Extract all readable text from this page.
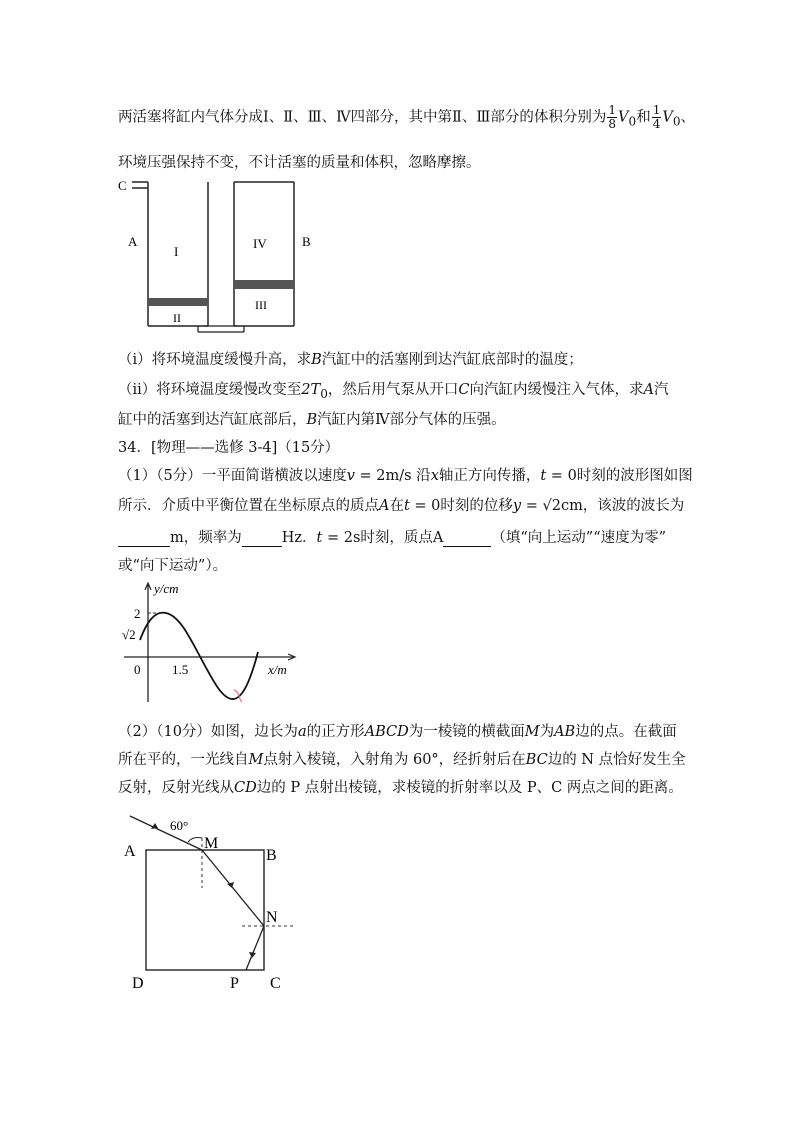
两活塞将缸内气体分成Ⅰ、Ⅱ、Ⅲ、Ⅳ四部分，其中第Ⅱ、Ⅲ部分的体积分别为 $\frac{1}{8} V_0$和 $\frac{1}{4} V_0$、
环境压强保持不变，不计活塞的质量和体积，忽略摩擦。
C
A	B
I
II
III
IV
（i）将环境温度缓慢升高，求B汽缸中的活塞刚到达汽缸底部时的温度；
（ii）将环境温度缓慢改变至$2T_0$，然后用气泵从开口C向汽缸内缓慢注入气体，求A汽
缸中的活塞到达汽缸底部后，B汽缸内第Ⅳ部分气体的压强。
34．[物理——选修 3-4]（15分）
（1）（5分）一平面简谐横波以速度v = 2m/s 沿x轴正方向传播，t = 0时刻的波形图如图
所示．介质中平衡位置在坐标原点的质点A在t = 0时刻的位移y = √2cm，该波的波长为
m，频率为	Hz．t = 2s时刻，质点A	（填“向上运动”“速度为零”
或“向下运动”）。
y/cm
x/m
2
√2
1.5
0
（2）（10分）如图，边长为a的正方形ABCD为一棱镜的横截面M为AB边的点。在截面
所在平的，一光线自M点射入棱镜，入射角为 60°，经折射后在BC边的 N 点恰好发生全
反射，反射光线从CD边的 P 点射出棱镜，求棱镜的折射率以及 P、C 两点之间的距离。
A	B
C
D
M
N
P
60°
